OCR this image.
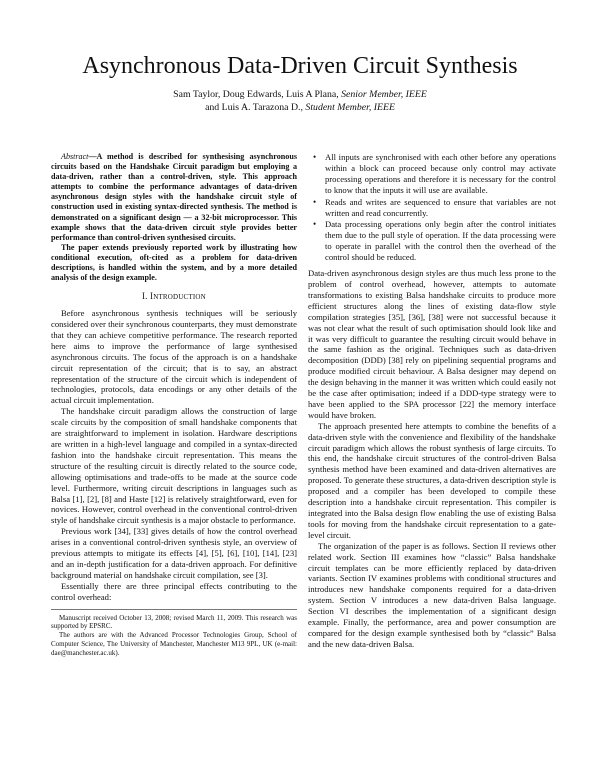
Asynchronous Data-Driven Circuit Synthesis
Sam Taylor, Doug Edwards, Luis A Plana, Senior Member, IEEE
and Luis A. Tarazona D., Student Member, IEEE

Abstract—A method is described for synthesising asynchronous circuits based on the Handshake Circuit paradigm but employing a data-driven, rather than a control-driven, style. This approach attempts to combine the performance advantages of data-driven asynchronous design styles with the handshake circuit style of construction used in existing syntax-directed synthesis. The method is demonstrated on a significant design — a 32-bit microprocessor. This example shows that the data-driven circuit style provides better performance than control-driven synthesised circuits.

The paper extends previously reported work by illustrating how conditional execution, oft-cited as a problem for data-driven descriptions, is handled within the system, and by a more detailed analysis of the design example.

I. INTRODUCTION

Before asynchronous synthesis techniques will be seriously considered over their synchronous counterparts, they must demonstrate that they can achieve competitive performance. The research reported here aims to improve the performance of large synthesised asynchronous circuits. The focus of the approach is on a handshake circuit representation of the circuit; that is to say, an abstract representation of the structure of the circuit which is independent of technologies, protocols, data encodings or any other details of the actual circuit implementation.

The handshake circuit paradigm allows the construction of large scale circuits by the composition of small handshake components that are straightforward to implement in isolation. Hardware descriptions are written in a high-level language and compiled in a syntax-directed fashion into the handshake circuit representation. This means the structure of the resulting circuit is directly related to the source code, allowing optimisations and trade-offs to be made at the source code level. Furthermore, writing circuit descriptions in languages such as Balsa [1], [2], [8] and Haste [12] is relatively straightforward, even for novices. However, control overhead in the conventional control-driven style of handshake circuit synthesis is a major obstacle to performance.

Previous work [34], [33] gives details of how the control overhead arises in a conventional control-driven synthesis style, an overview of previous attempts to mitigate its effects [4], [5], [6], [10], [14], [23] and an in-depth justification for a data-driven approach. For definitive background material on handshake circuit compilation, see [3].

Essentially there are three principal effects contributing to the control overhead:

Manuscript received October 13, 2008; revised March 11, 2009. This research was supported by EPSRC.

The authors are with the Advanced Processor Technologies Group, School of Computer Science, The University of Manchester, Manchester M13 9PL, UK (e-mail: dae@manchester.ac.uk).

• All inputs are synchronised with each other before any operations within a block can proceed because only control may activate processing operations and therefore it is necessary for the control to know that the inputs it will use are available.

• Reads and writes are sequenced to ensure that variables are not written and read concurrently.

• Data processing operations only begin after the control initiates them due to the pull style of operation. If the data processing were to operate in parallel with the control then the overhead of the control should be reduced.

Data-driven asynchronous design styles are thus much less prone to the problem of control overhead, however, attempts to automate transformations to existing Balsa handshake circuits to produce more efficient structures along the lines of existing data-flow style compilation strategies [35], [36], [38] were not successful because it was not clear what the result of such optimisation should look like and it was very difficult to guarantee the resulting circuit would behave in the same fashion as the original. Techniques such as data-driven decomposition (DDD) [38] rely on pipelining sequential programs and produce modified circuit behaviour. A Balsa designer may depend on the design behaving in the manner it was written which could easily not be the case after optimisation; indeed if a DDD-type strategy were to have been applied to the SPA processor [22] the memory interface would have broken.

The approach presented here attempts to combine the benefits of a data-driven style with the convenience and flexibility of the handshake circuit paradigm which allows the robust synthesis of large circuits. To this end, the handshake circuit structures of the control-driven Balsa synthesis method have been examined and data-driven alternatives are proposed. To generate these structures, a data-driven description style is proposed and a compiler has been developed to compile these description into a handshake circuit representation. This compiler is integrated into the Balsa design flow enabling the use of existing Balsa tools for moving from the handshake circuit representation to a gate-level circuit.

The organization of the paper is as follows. Section II reviews other related work. Section III examines how “classic” Balsa handshake circuit templates can be more efficiently replaced by data-driven variants. Section IV examines problems with conditional structures and introduces new handshake components required for a data-driven system. Section V introduces a new data-driven Balsa language. Section VI describes the implementation of a significant design example. Finally, the performance, area and power consumption are compared for the design example synthesised both by “classic” Balsa and the new data-driven Balsa.
